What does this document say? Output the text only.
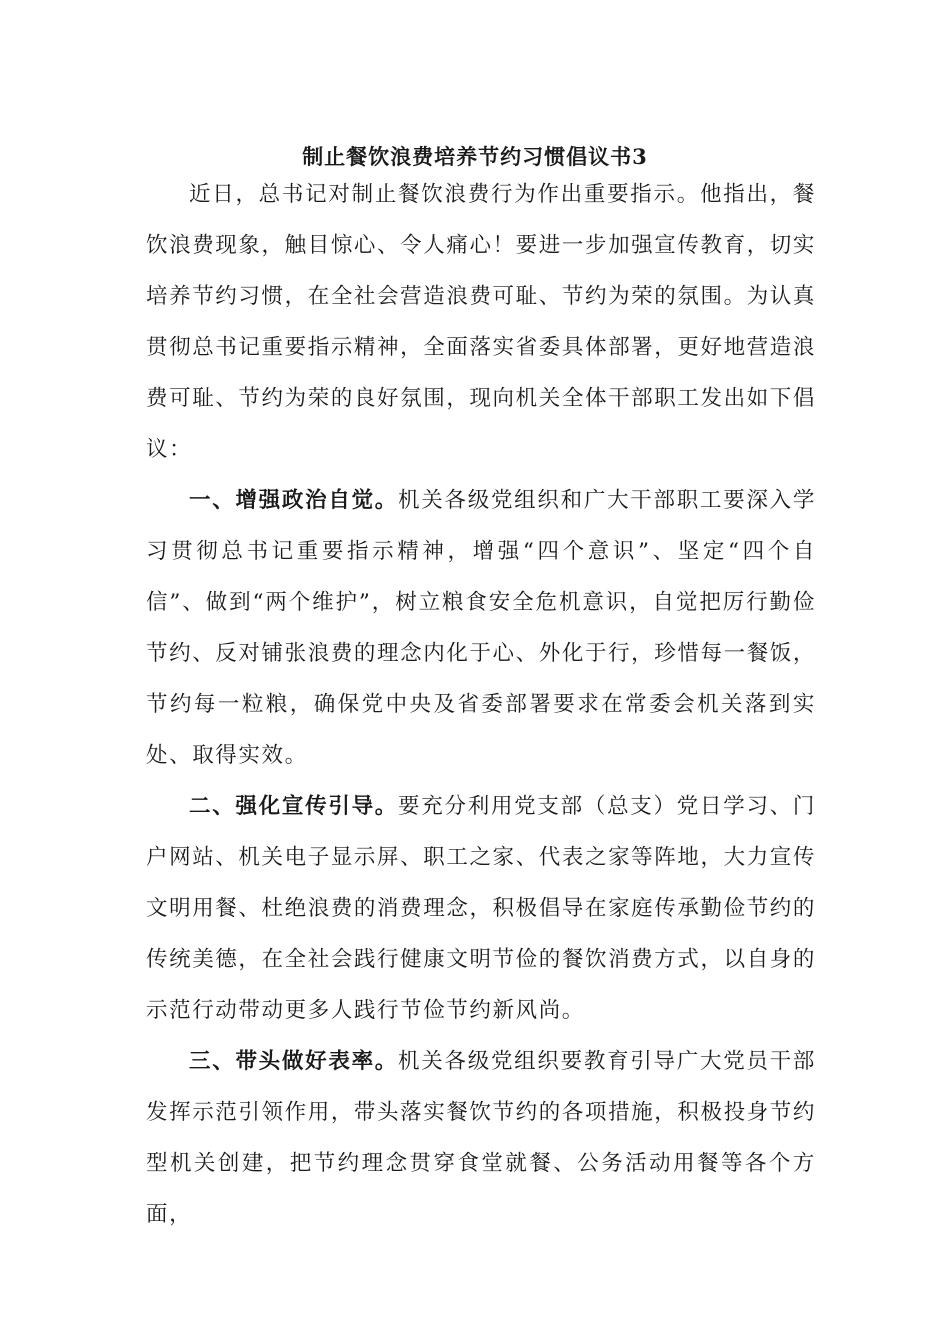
制止餐饮浪费培养节约习惯倡议书3

近日，总书记对制止餐饮浪费行为作出重要指示。他指出，餐饮浪费现象，触目惊心、令人痛心！要进一步加强宣传教育，切实培养节约习惯，在全社会营造浪费可耻、节约为荣的氛围。为认真贯彻总书记重要指示精神，全面落实省委具体部署，更好地营造浪费可耻、节约为荣的良好氛围，现向机关全体干部职工发出如下倡议：

一、增强政治自觉。机关各级党组织和广大干部职工要深入学习贯彻总书记重要指示精神，增强“四个意识”、坚定“四个自信”、做到“两个维护”，树立粮食安全危机意识，自觉把厉行勤俭节约、反对铺张浪费的理念内化于心、外化于行，珍惜每一餐饭，节约每一粒粮，确保党中央及省委部署要求在常委会机关落到实处、取得实效。

二、强化宣传引导。要充分利用党支部（总支）党日学习、门户网站、机关电子显示屏、职工之家、代表之家等阵地，大力宣传文明用餐、杜绝浪费的消费理念，积极倡导在家庭传承勤俭节约的传统美德，在全社会践行健康文明节俭的餐饮消费方式，以自身的示范行动带动更多人践行节俭节约新风尚。

三、带头做好表率。机关各级党组织要教育引导广大党员干部发挥示范引领作用，带头落实餐饮节约的各项措施，积极投身节约型机关创建，把节约理念贯穿食堂就餐、公务活动用餐等各个方面，
